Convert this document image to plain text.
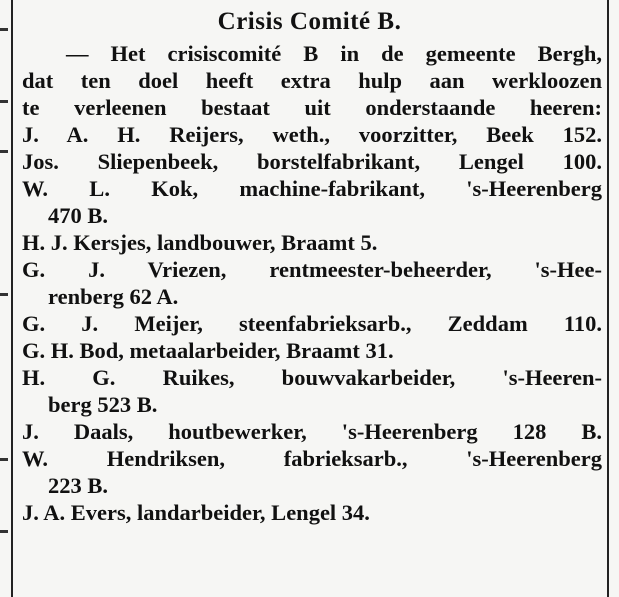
Crisis Comité B.
— Het crisiscomité B in de gemeente Bergh,
dat ten doel heeft extra hulp aan werkloozen
te verleenen bestaat uit onderstaande heeren:
J. A. H. Reijers, weth., voorzitter, Beek 152.
Jos. Sliepenbeek, borstelfabrikant, Lengel 100.
W. L. Kok, machine-fabrikant, 's-Heerenberg
470 B.
H. J. Kersjes, landbouwer, Braamt 5.
G. J. Vriezen, rentmeester-beheerder, 's-Hee-
renberg 62 A.
G. J. Meijer, steenfabrieksarb., Zeddam 110.
G. H. Bod, metaalarbeider, Braamt 31.
H. G. Ruikes, bouwvakarbeider, 's-Heeren-
berg 523 B.
J. Daals, houtbewerker, 's-Heerenberg 128 B.
W. Hendriksen, fabrieksarb., 's-Heerenberg
223 B.
J. A. Evers, landarbeider, Lengel 34.
